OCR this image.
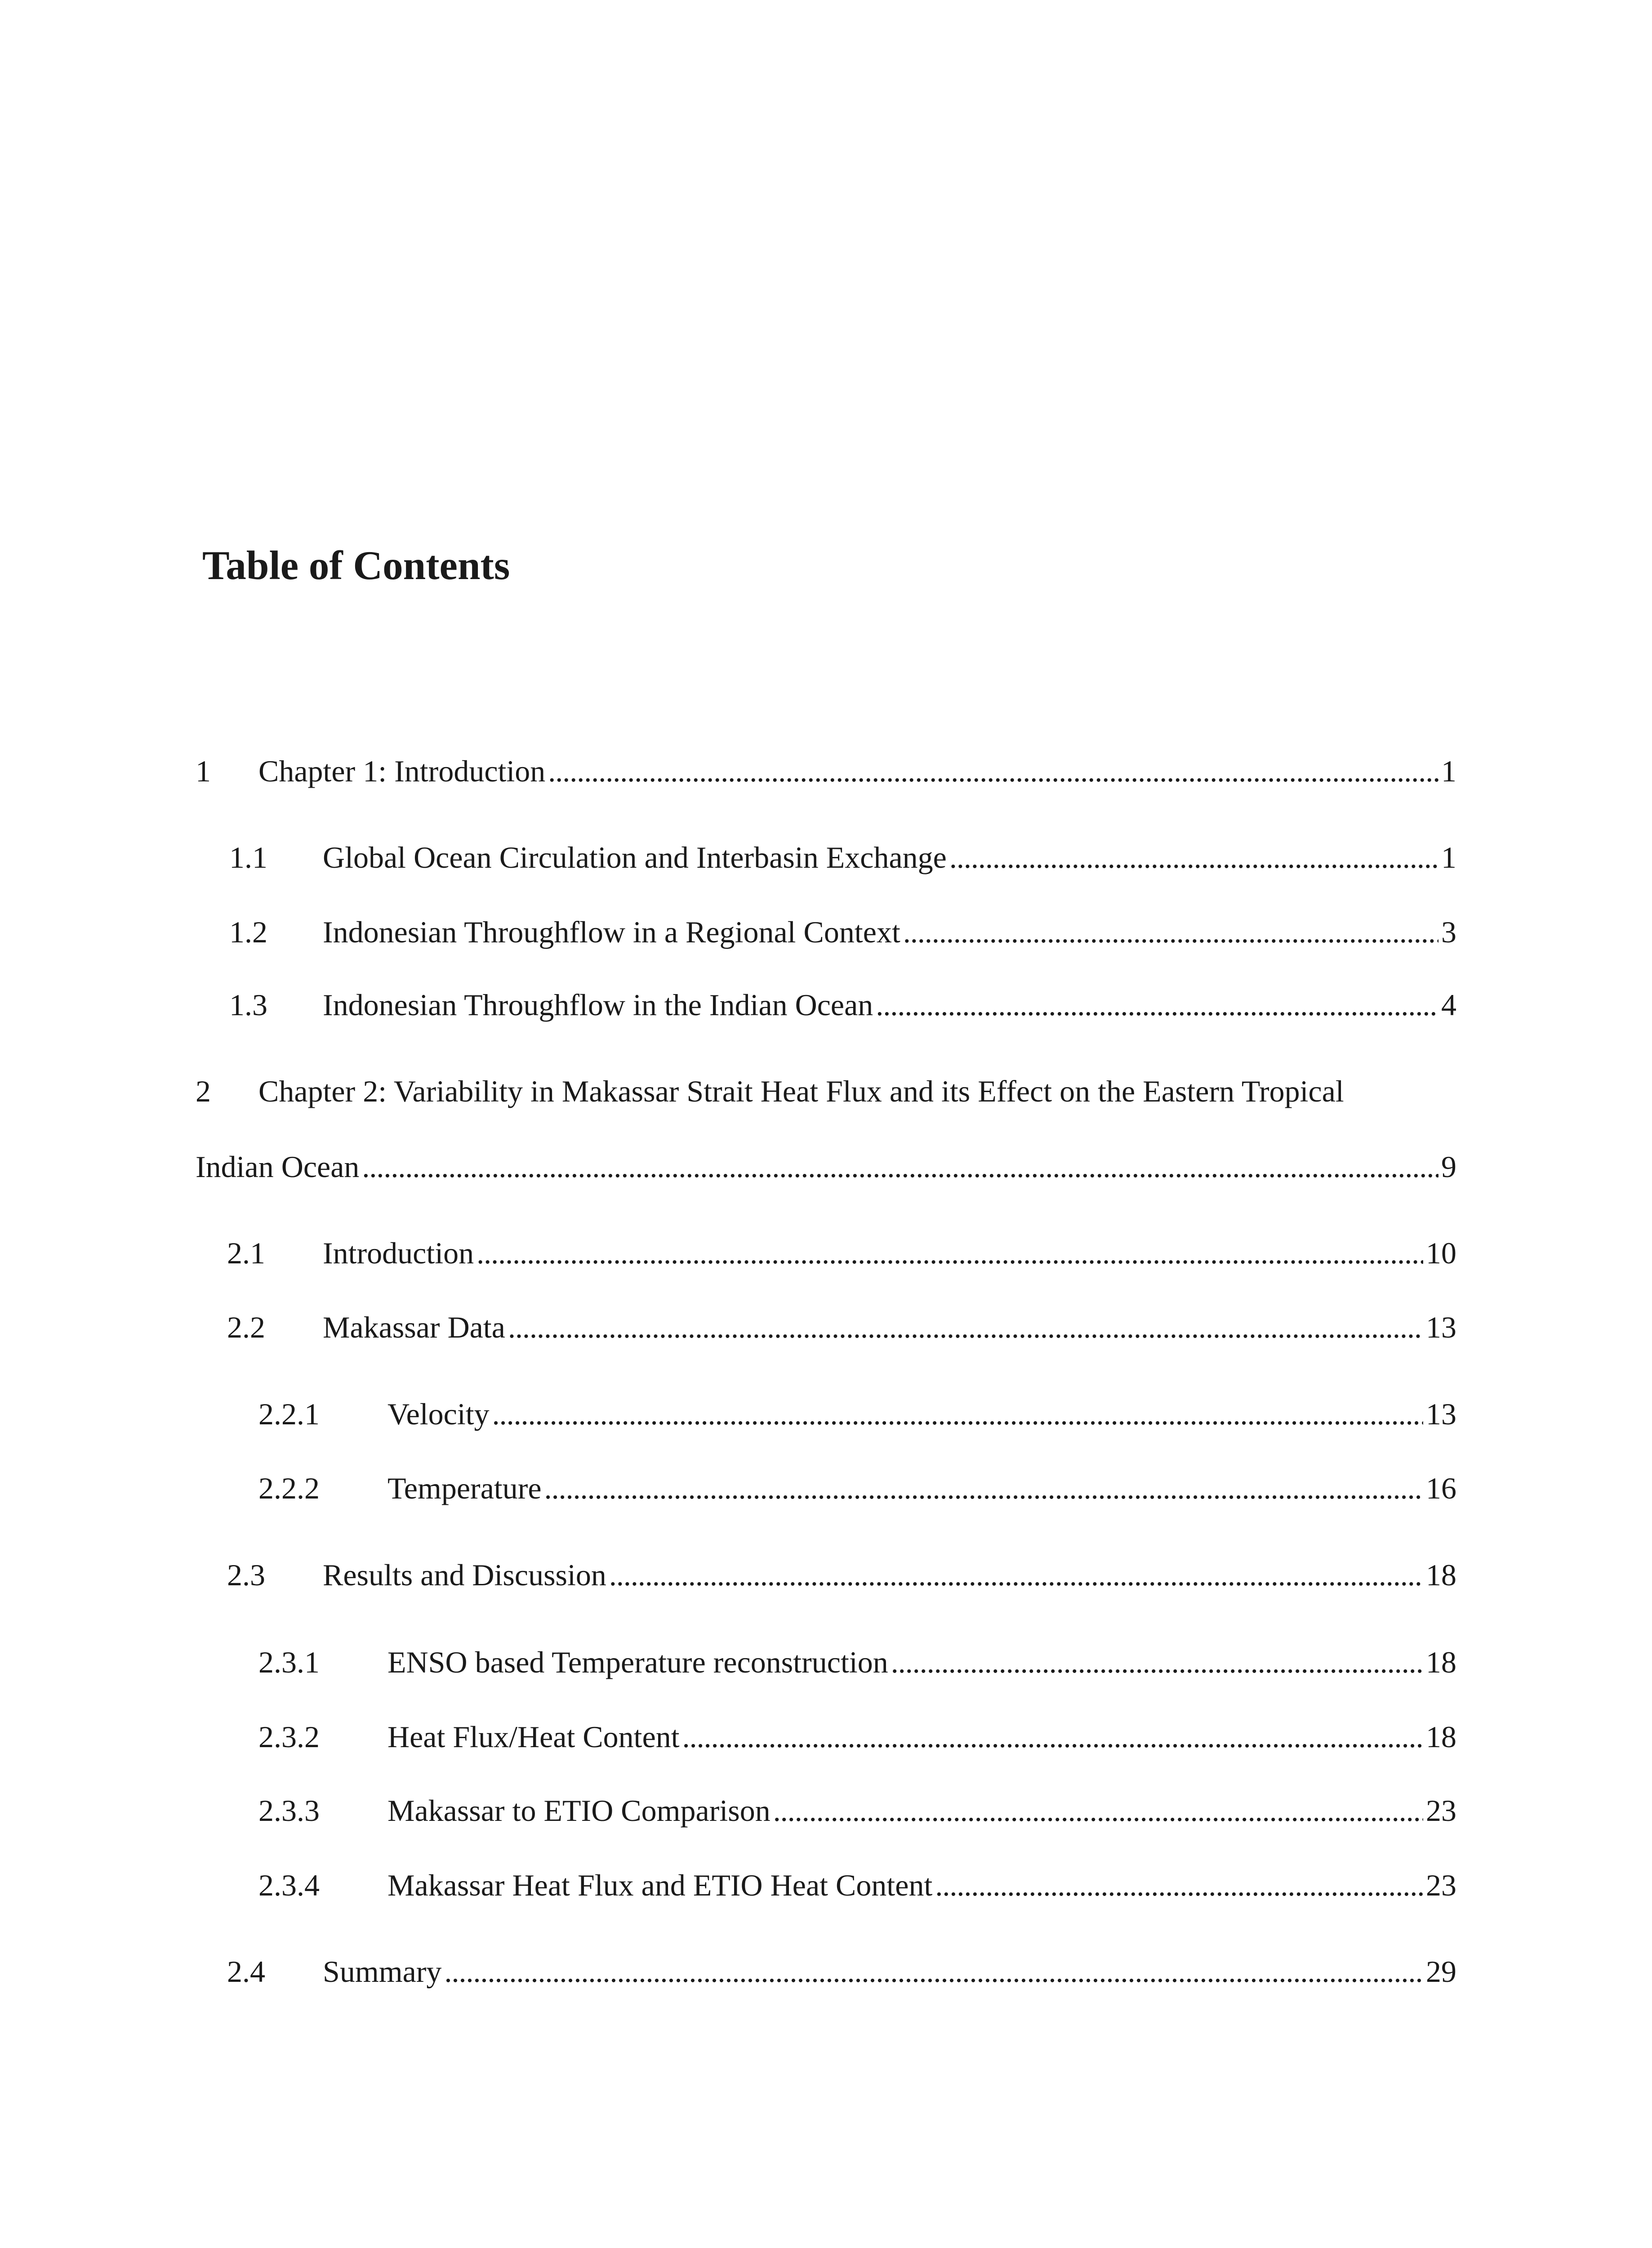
Table of Contents
1 Chapter 1: Introduction . . .	1
1.1 Global Ocean Circulation and Interbasin Exchange . . .	1
1.2 Indonesian Throughflow in a Regional Context . . .	3
1.3 Indonesian Throughflow in the Indian Ocean . . .	4
2 Chapter 2: Variability in Makassar Strait Heat Flux and its Effect on the Eastern Tropical
Indian Ocean . . .	9
2.1 Introduction . . .	10
2.2 Makassar Data . . .	13
2.2.1 Velocity . . .	13
2.2.2 Temperature . . .	16
2.3 Results and Discussion . . .	18
2.3.1 ENSO based Temperature reconstruction . . .	18
2.3.2 Heat Flux/Heat Content . . .	18
2.3.3 Makassar to ETIO Comparison . . .	23
2.3.4 Makassar Heat Flux and ETIO Heat Content . . .	23
2.4 Summary . . .	29
